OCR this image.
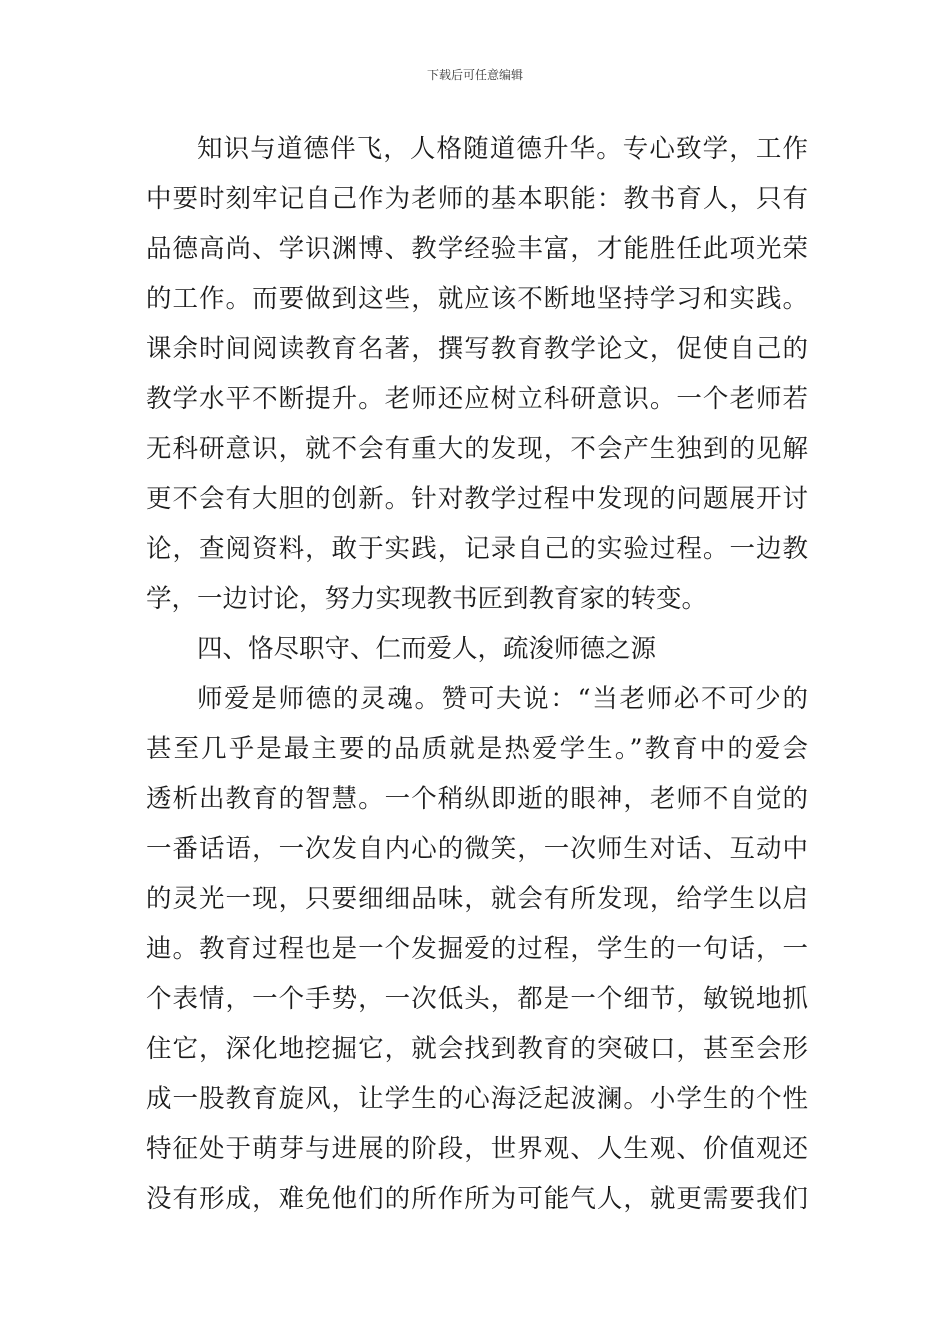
下载后可任意编辑
知识与道德伴飞，人格随道德升华。专心致学，工作
中要时刻牢记自己作为老师的基本职能：教书育人，只有
品德高尚、学识渊博、教学经验丰富，才能胜任此项光荣
的工作。而要做到这些，就应该不断地坚持学习和实践。
课余时间阅读教育名著，撰写教育教学论文，促使自己的
教学水平不断提升。老师还应树立科研意识。一个老师若
无科研意识，就不会有重大的发现，不会产生独到的见解
更不会有大胆的创新。针对教学过程中发现的问题展开讨
论，查阅资料，敢于实践，记录自己的实验过程。一边教
学，一边讨论，努力实现教书匠到教育家的转变。
四、恪尽职守、仁而爱人，疏浚师德之源
师爱是师德的灵魂。赞可夫说：“当老师必不可少的
甚至几乎是最主要的品质就是热爱学生。”教育中的爱会
透析出教育的智慧。一个稍纵即逝的眼神，老师不自觉的
一番话语，一次发自内心的微笑，一次师生对话、互动中
的灵光一现，只要细细品味，就会有所发现，给学生以启
迪。教育过程也是一个发掘爱的过程，学生的一句话，一
个表情，一个手势，一次低头，都是一个细节，敏锐地抓
住它，深化地挖掘它，就会找到教育的突破口，甚至会形
成一股教育旋风，让学生的心海泛起波澜。小学生的个性
特征处于萌芽与进展的阶段，世界观、人生观、价值观还
没有形成，难免他们的所作所为可能气人，就更需要我们
